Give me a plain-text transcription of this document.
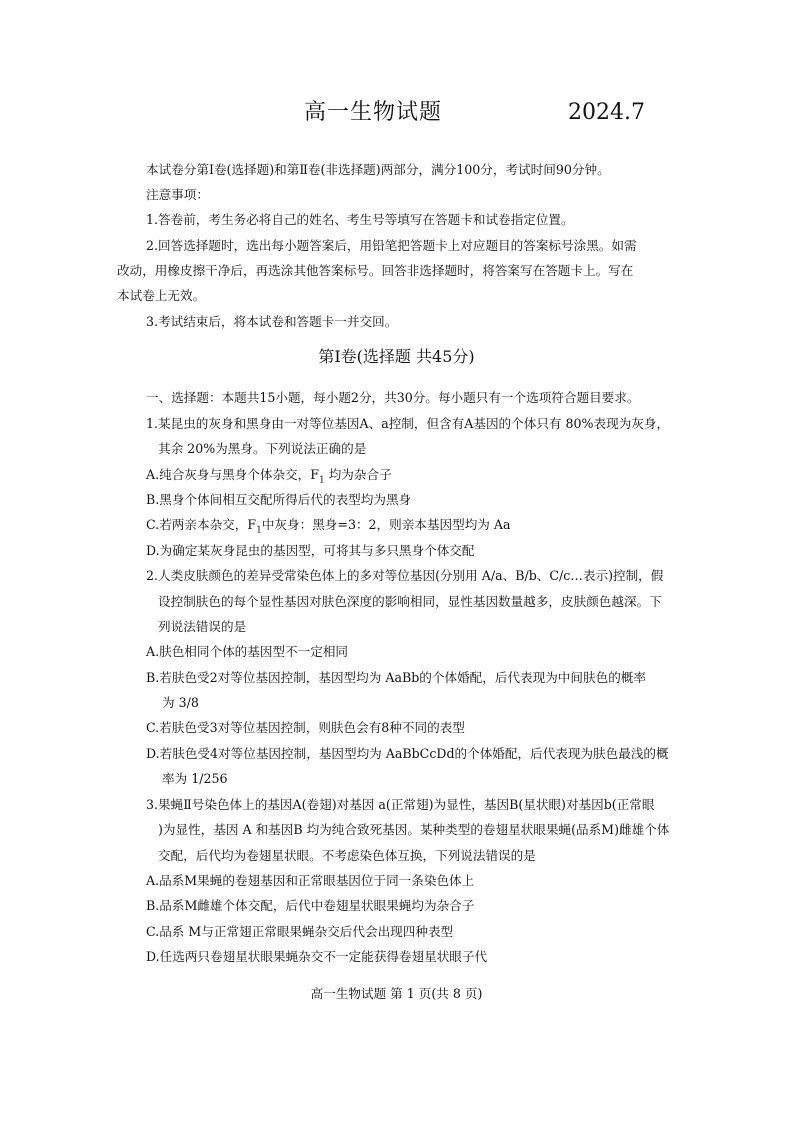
高一生物试题	2024.7
本试卷分第Ⅰ卷(选择题)和第Ⅱ卷(非选择题)两部分，满分100分，考试时间90分钟。
注意事项：
1.答卷前，考生务必将自己的姓名、考生号等填写在答题卡和试卷指定位置。
2.回答选择题时，选出每小题答案后，用铅笔把答题卡上对应题目的答案标号涂黑。如需
改动，用橡皮擦干净后，再选涂其他答案标号。回答非选择题时，将答案写在答题卡上。写在
本试卷上无效。
3.考试结束后，将本试卷和答题卡一并交回。
第Ⅰ卷(选择题 共45分)
一、选择题：本题共15小题，每小题2分，共30分。每小题只有一个选项符合题目要求。
1.某昆虫的灰身和黑身由一对等位基因A、a控制，但含有A基因的个体只有 80%表现为灰身，
其余 20%为黑身。下列说法正确的是
A.纯合灰身与黑身个体杂交，$F_1$ 均为杂合子
B.黑身个体间相互交配所得后代的表型均为黑身
C.若两亲本杂交，$F_1$中灰身：黑身=3：2，则亲本基因型均为 Aa
D.为确定某灰身昆虫的基因型，可将其与多只黑身个体交配
2.人类皮肤颜色的差异受常染色体上的多对等位基因(分别用 A/a、B/b、C/c…表示)控制，假
设控制肤色的每个显性基因对肤色深度的影响相同，显性基因数量越多，皮肤颜色越深。下
列说法错误的是
A.肤色相同个体的基因型不一定相同
B.若肤色受2对等位基因控制，基因型均为 AaBb的个体婚配，后代表现为中间肤色的概率
为 3/8
C.若肤色受3对等位基因控制，则肤色会有8种不同的表型
D.若肤色受4对等位基因控制，基因型均为 AaBbCcDd的个体婚配，后代表现为肤色最浅的概
率为 1/256
3.果蝇Ⅱ号染色体上的基因A(卷翅)对基因 a(正常翅)为显性，基因B(星状眼)对基因b(正常眼
)为显性，基因 A 和基因B 均为纯合致死基因。某种类型的卷翅星状眼果蝇(品系M)雌雄个体
交配，后代均为卷翅星状眼。不考虑染色体互换，下列说法错误的是
A.品系M果蝇的卷翅基因和正常眼基因位于同一条染色体上
B.品系M雌雄个体交配，后代中卷翅星状眼果蝇均为杂合子
C.品系 M与正常翅正常眼果蝇杂交后代会出现四种表型
D.任选两只卷翅星状眼果蝇杂交不一定能获得卷翅星状眼子代
高一生物试题 第 1 页(共 8 页)
